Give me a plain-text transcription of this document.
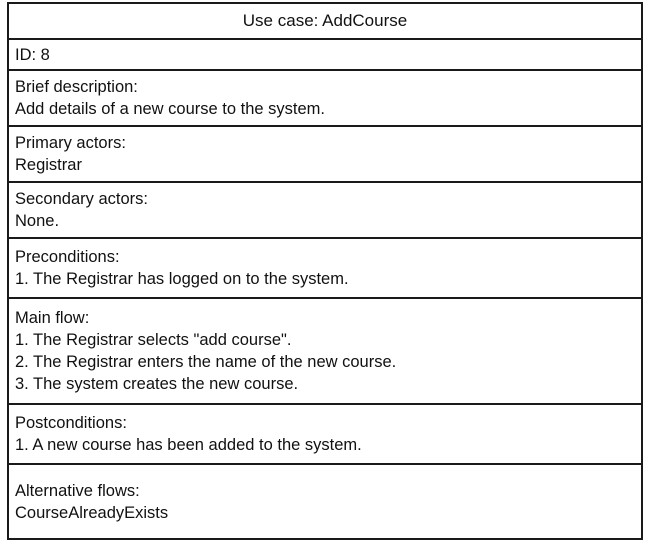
Use case: AddCourse
ID: 8
Brief description:
Add details of a new course to the system.
Primary actors:
Registrar
Secondary actors:
None.
Preconditions:
1. The Registrar has logged on to the system.
Main flow:
1. The Registrar selects "add course".
2. The Registrar enters the name of the new course.
3. The system creates the new course.
Postconditions:
1. A new course has been added to the system.
Alternative flows:
CourseAlreadyExists
